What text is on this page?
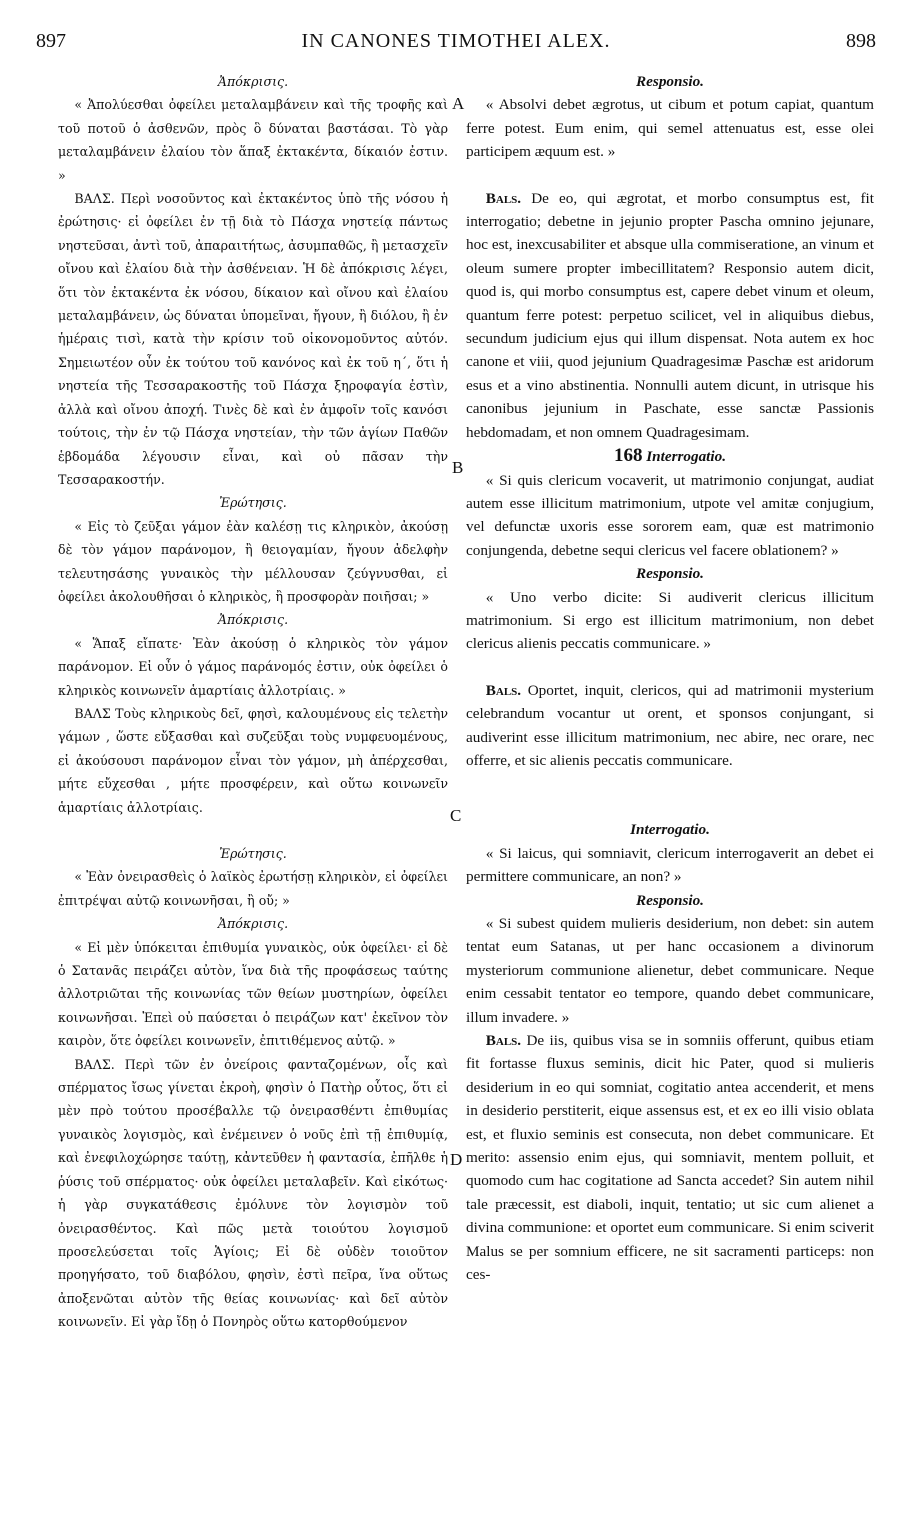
897	IN CANONES TIMOTHEI ALEX.	898

Ἀπόκρισις.

« Ἀπολύεσθαι ὀφείλει μεταλαμβάνειν καὶ τῆς τροφῆς καὶ τοῦ ποτοῦ ὁ ἀσθενῶν, πρὸς ὃ δύναται βαστάσαι. Τὸ γὰρ μεταλαμβάνειν ἐλαίου τὸν ἅπαξ ἐκτακέντα, δίκαιόν ἐστιν. »

ΒΑΛΣ. Περὶ νοσοῦντος καὶ ἐκτακέντος ὑπὸ τῆς νόσου ἡ ἐρώτησις· εἰ ὀφείλει ἐν τῇ διὰ τὸ Πάσχα νηστείᾳ πάντως νηστεῦσαι, ἀντὶ τοῦ, ἀπαραιτήτως, ἀσυμπαθῶς, ἢ μετασχεῖν οἴνου καὶ ἐλαίου διὰ τὴν ἀσθένειαν. Ἡ δὲ ἀπόκρισις λέγει, ὅτι τὸν ἐκτακέντα ἐκ νόσου, δίκαιον καὶ οἴνου καὶ ἐλαίου μεταλαμβάνειν, ὡς δύναται ὑπομεῖναι, ἤγουν, ἢ διόλου, ἢ ἐν ἡμέραις τισὶ, κατὰ τὴν κρίσιν τοῦ οἰκονομοῦντος αὐτόν. Σημειωτέον οὖν ἐκ τούτου τοῦ κανόνος καὶ ἐκ τοῦ η΄, ὅτι ἡ νηστεία τῆς Τεσσαρακοστῆς τοῦ Πάσχα ξηροφαγία ἐστὶν, ἀλλὰ καὶ οἴνου ἀποχή. Τινὲς δὲ καὶ ἐν ἀμφοῖν τοῖς κανόσι τούτοις, τὴν ἐν τῷ Πάσχα νηστείαν, τὴν τῶν ἁγίων Παθῶν ἑβδομάδα λέγουσιν εἶναι, καὶ οὐ πᾶσαν τὴν Τεσσαρακοστήν.

Ἐρώτησις.

« Εἰς τὸ ζεῦξαι γάμον ἐὰν καλέσῃ τις κληρικὸν, ἀκούσῃ δὲ τὸν γάμον παράνομον, ἢ θειογαμίαν, ἤγουν ἀδελφὴν τελευτησάσης γυναικὸς τὴν μέλλουσαν ζεύγνυσθαι, εἰ ὀφείλει ἀκολουθῆσαι ὁ κληρικὸς, ἢ προσφορὰν ποιῆσαι; »

Ἀπόκρισις.

« Ἅπαξ εἴπατε· Ἐὰν ἀκούσῃ ὁ κληρικὸς τὸν γάμον παράνομον. Εἰ οὖν ὁ γάμος παράνομός ἐστιν, οὐκ ὀφείλει ὁ κληρικὸς κοινωνεῖν ἁμαρτίαις ἀλλοτρίαις. »

ΒΑΛΣ Τοὺς κληρικοὺς δεῖ, φησὶ, καλουμένους εἰς τελετὴν γάμων , ὥστε εὔξασθαι καὶ συζεῦξαι τοὺς νυμφευομένους, εἰ ἀκούσουσι παράνομον εἶναι τὸν γάμον, μὴ ἀπέρχεσθαι, μήτε εὔχεσθαι , μήτε προσφέρειν, καὶ οὕτω κοινωνεῖν ἁμαρτίαις ἀλλοτρίαις.

Ἐρώτησις.

« Ἐὰν ὀνειρασθεὶς ὁ λαϊκὸς ἐρωτήσῃ κληρικὸν, εἰ ὀφείλει ἐπιτρέψαι αὐτῷ κοινωνῆσαι, ἢ οὔ; »

Ἀπόκρισις.

« Εἰ μὲν ὑπόκειται ἐπιθυμία γυναικὸς, οὐκ ὀφείλει· εἰ δὲ ὁ Σατανᾶς πειράζει αὐτὸν, ἵνα διὰ τῆς προφάσεως ταύτης ἀλλοτριῶται τῆς κοινωνίας τῶν θείων μυστηρίων, ὀφείλει κοινωνῆσαι. Ἐπεὶ οὐ παύσεται ὁ πειράζων κατ' ἐκεῖνον τὸν καιρὸν, ὅτε ὀφείλει κοινωνεῖν, ἐπιτιθέμενος αὐτῷ. »

ΒΑΛΣ. Περὶ τῶν ἐν ὀνείροις φανταζομένων, οἷς καὶ σπέρματος ἴσως γίνεται ἐκροὴ, φησὶν ὁ Πατὴρ οὗτος, ὅτι εἰ μὲν πρὸ τούτου προσέβαλλε τῷ ὀνειρασθέντι ἐπιθυμίας γυναικὸς λογισμὸς, καὶ ἐνέμεινεν ὁ νοῦς ἐπὶ τῇ ἐπιθυμίᾳ, καὶ ἐνεφιλοχώρησε ταύτῃ, κἀντεῦθεν ἡ φαντασία, ἐπῆλθε ἡ ῥύσις τοῦ σπέρματος· οὐκ ὀφείλει μεταλαβεῖν. Καὶ εἰκότως· ἡ γὰρ συγκατάθεσις ἐμόλυνε τὸν λογισμὸν τοῦ ὀνειρασθέντος. Καὶ πῶς μετὰ τοιούτου λογισμοῦ προσελεύσεται τοῖς Ἁγίοις; Εἰ δὲ οὐδὲν τοιοῦτον προηγήσατο, τοῦ διαβόλου, φησὶν, ἐστὶ πεῖρα, ἵνα οὕτως ἀποξενῶται αὐτὸν τῆς θείας κοινωνίας· καὶ δεῖ αὐτὸν κοινωνεῖν. Εἰ γὰρ ἴδῃ ὁ Πονηρὸς οὕτω κατορθούμενον

A
B
C
D

Responsio.

« Absolvi debet ægrotus, ut cibum et potum capiat, quantum ferre potest. Eum enim, qui semel attenuatus est, esse olei participem æquum est. »

Bals. De eo, qui ægrotat, et morbo consumptus est, fit interrogatio; debetne in jejunio propter Pascha omnino jejunare, hoc est, inexcusabiliter et absque ulla commiseratione, an vinum et oleum sumere propter imbecillitatem? Responsio autem dicit, quod is, qui morbo consumptus est, capere debet vinum et oleum, quantum ferre potest: perpetuo scilicet, vel in aliquibus diebus, secundum judicium ejus qui illum dispensat. Nota autem ex hoc canone et viii, quod jejunium Quadragesimæ Paschæ est aridorum esus et a vino abstinentia. Nonnulli autem dicunt, in utrisque his canonibus jejunium in Paschate, esse sanctæ Passionis hebdomadam, et non omnem Quadragesimam.

168 Interrogatio.

« Si quis clericum vocaverit, ut matrimonio conjungat, audiat autem esse illicitum matrimonium, utpote vel amitæ conjugium, vel defunctæ uxoris esse sororem eam, quæ est matrimonio conjungenda, debetne sequi clericus vel facere oblationem? »

Responsio.

« Uno verbo dicite: Si audiverit clericus illicitum matrimonium. Si ergo est illicitum matrimonium, non debet clericus alienis peccatis communicare. »

Bals. Oportet, inquit, clericos, qui ad matrimonii mysterium celebrandum vocantur ut orent, et sponsos conjungant, si audiverint esse illicitum matrimonium, nec abire, nec orare, nec offerre, et sic alienis peccatis communicare.

Interrogatio.

« Si laicus, qui somniavit, clericum interrogaverit an debet ei permittere communicare, an non? »

Responsio.

« Si subest quidem mulieris desiderium, non debet: sin autem tentat eum Satanas, ut per hanc occasionem a divinorum mysteriorum communione alienetur, debet communicare. Neque enim cessabit tentator eo tempore, quando debet communicare, illum invadere. »

Bals. De iis, quibus visa se in somniis offerunt, quibus etiam fit fortasse fluxus seminis, dicit hic Pater, quod si mulieris desiderium in eo qui somniat, cogitatio antea accenderit, et mens in desiderio perstiterit, eique assensus est, et ex eo illi visio oblata est, et fluxio seminis est consecuta, non debet communicare. Et merito: assensio enim ejus, qui somniavit, mentem polluit, et quomodo cum hac cogitatione ad Sancta accedet? Sin autem nihil tale præcessit, est diaboli, inquit, tentatio; ut sic cum alienet a divina communione: et oportet eum communicare. Si enim sciverit Malus se per somnium efficere, ne sit sacramenti particeps: non ces-
